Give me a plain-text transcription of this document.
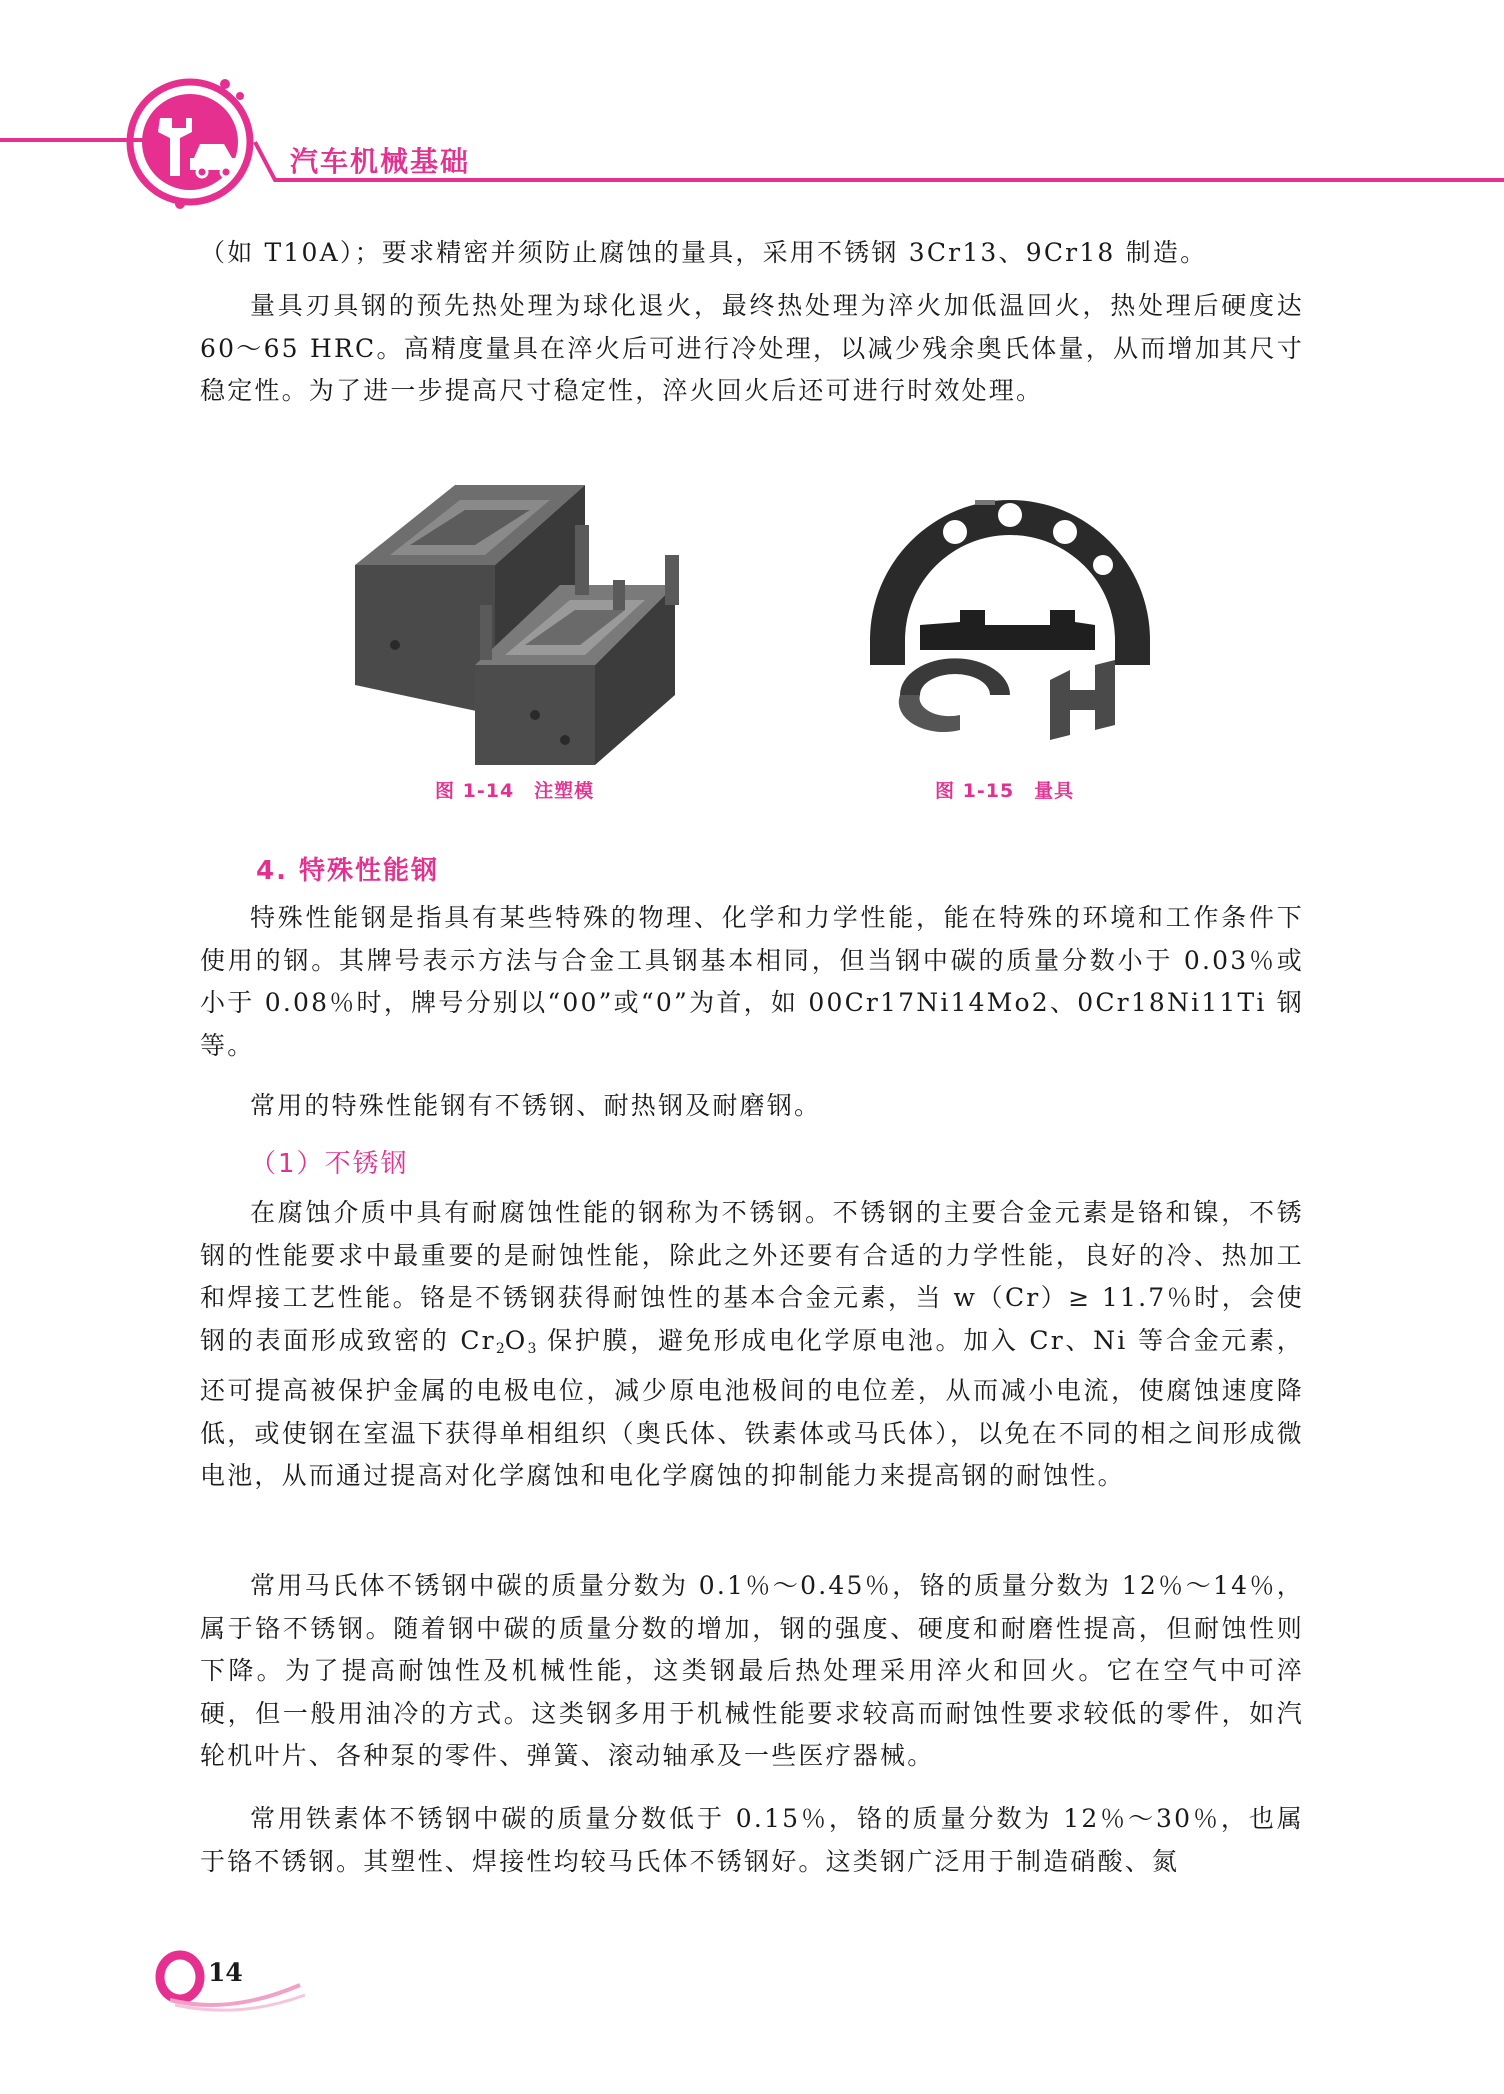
汽车机械基础
（如 T10A）；要求精密并须防止腐蚀的量具，采用不锈钢 3Cr13、9Cr18 制造。
量具刃具钢的预先热处理为球化退火，最终热处理为淬火加低温回火，热处理后硬度达 60～65 HRC。高精度量具在淬火后可进行冷处理，以减少残余奥氏体量，从而增加其尺寸稳定性。为了进一步提高尺寸稳定性，淬火回火后还可进行时效处理。
图 1-14　注塑模	图 1-15　量具
4. 特殊性能钢
特殊性能钢是指具有某些特殊的物理、化学和力学性能，能在特殊的环境和工作条件下使用的钢。其牌号表示方法与合金工具钢基本相同，但当钢中碳的质量分数小于 0.03％或小于 0.08％时，牌号分别以“00”或“0”为首，如 00Cr17Ni14Mo2、0Cr18Ni11Ti 钢等。
常用的特殊性能钢有不锈钢、耐热钢及耐磨钢。
（1）不锈钢
在腐蚀介质中具有耐腐蚀性能的钢称为不锈钢。不锈钢的主要合金元素是铬和镍，不锈钢的性能要求中最重要的是耐蚀性能，除此之外还要有合适的力学性能，良好的冷、热加工和焊接工艺性能。铬是不锈钢获得耐蚀性的基本合金元素，当 w（Cr）≥ 11.7％时，会使钢的表面形成致密的 $Cr_2O_3$ 保护膜，避免形成电化学原电池。加入 Cr、Ni 等合金元素，还可提高被保护金属的电极电位，减少原电池极间的电位差，从而减小电流，使腐蚀速度降低，或使钢在室温下获得单相组织（奥氏体、铁素体或马氏体），以免在不同的相之间形成微电池，从而通过提高对化学腐蚀和电化学腐蚀的抑制能力来提高钢的耐蚀性。
常用马氏体不锈钢中碳的质量分数为 0.1％～0.45％，铬的质量分数为 12％～14％，属于铬不锈钢。随着钢中碳的质量分数的增加，钢的强度、硬度和耐磨性提高，但耐蚀性则下降。为了提高耐蚀性及机械性能，这类钢最后热处理采用淬火和回火。它在空气中可淬硬，但一般用油冷的方式。这类钢多用于机械性能要求较高而耐蚀性要求较低的零件，如汽轮机叶片、各种泵的零件、弹簧、滚动轴承及一些医疗器械。
常用铁素体不锈钢中碳的质量分数低于 0.15％，铬的质量分数为 12％～30％，也属于铬不锈钢。其塑性、焊接性均较马氏体不锈钢好。这类钢广泛用于制造硝酸、氮
14
